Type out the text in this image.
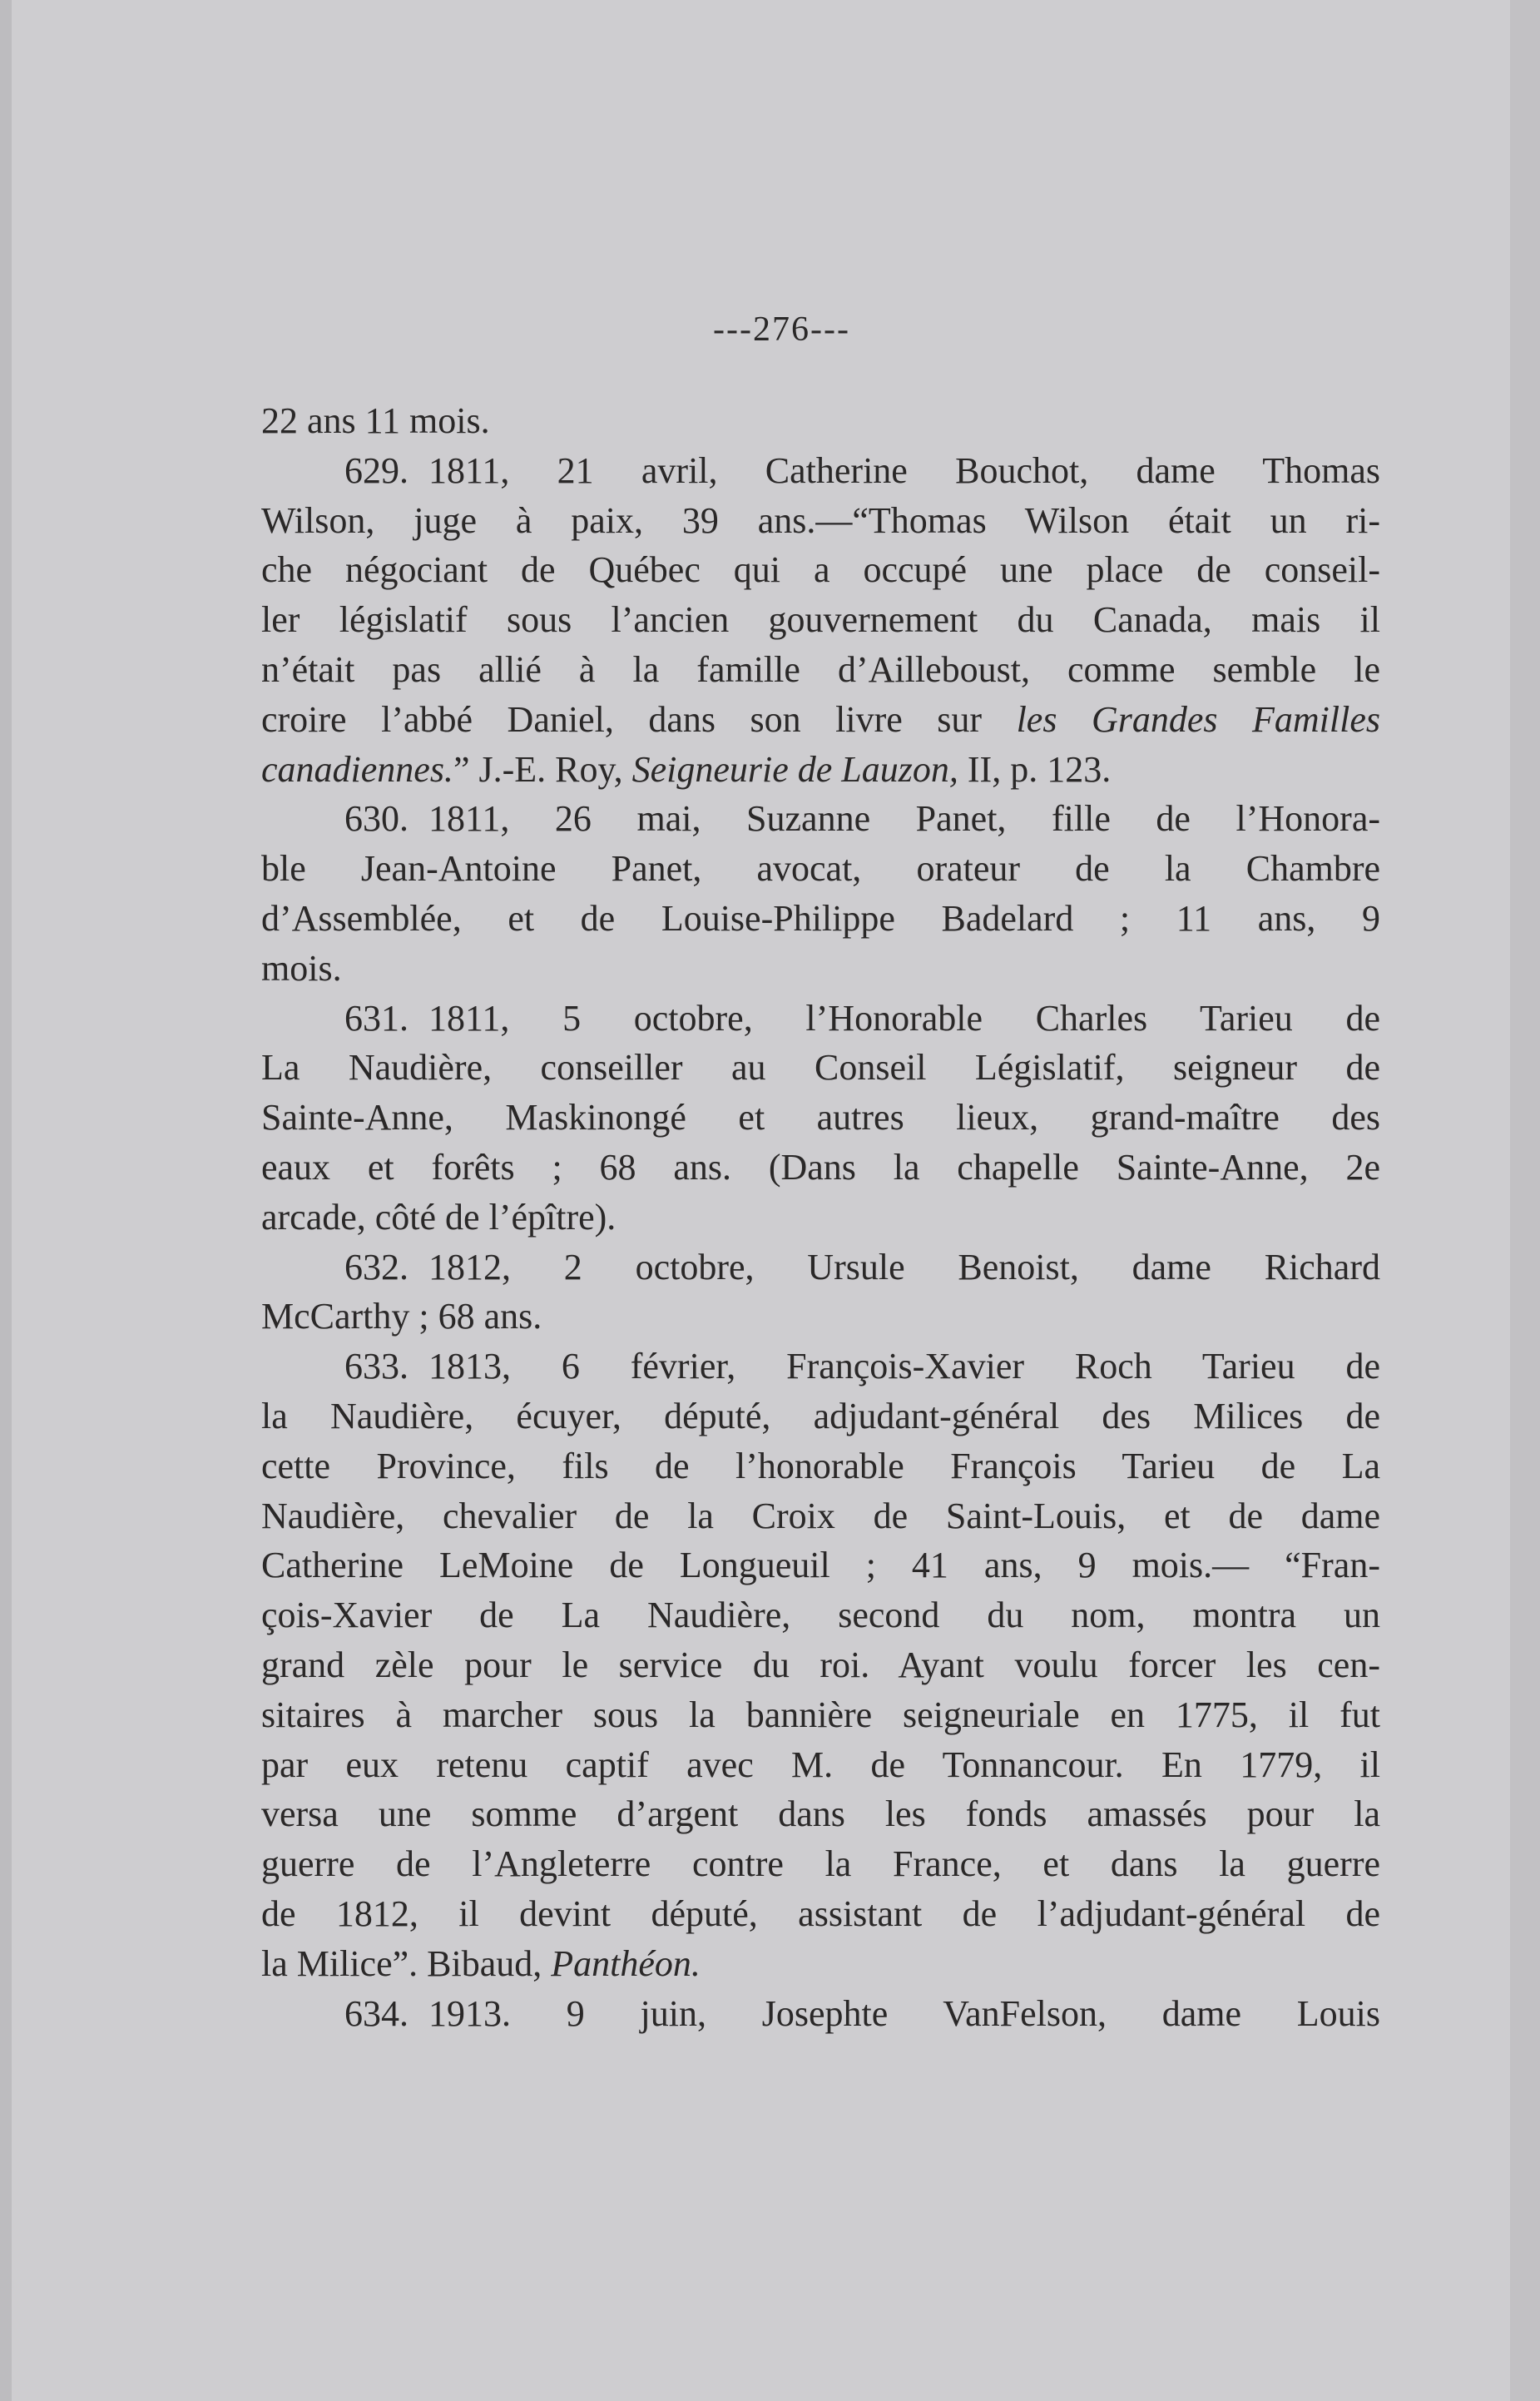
---276---
22 ans 11 mois.
629. 1811, 21 avril, Catherine Bouchot, dame Thomas
Wilson, juge à paix, 39 ans.—“Thomas Wilson était un ri-
che négociant de Québec qui a occupé une place de conseil-
ler législatif sous l’ancien gouvernement du Canada, mais il
n’était pas allié à la famille d’Ailleboust, comme semble le
croire l’abbé Daniel, dans son livre sur les Grandes Familles
canadiennes.” J.-E. Roy, Seigneurie de Lauzon, II, p. 123.
630. 1811, 26 mai, Suzanne Panet, fille de l’Honora-
ble Jean-Antoine Panet, avocat, orateur de la Chambre
d’Assemblée, et de Louise-Philippe Badelard ; 11 ans, 9
mois.
631. 1811, 5 octobre, l’Honorable Charles Tarieu de
La Naudière, conseiller au Conseil Législatif, seigneur de
Sainte-Anne, Maskinongé et autres lieux, grand-maître des
eaux et forêts ; 68 ans. (Dans la chapelle Sainte-Anne, 2e
arcade, côté de l’épître).
632. 1812, 2 octobre, Ursule Benoist, dame Richard
McCarthy ; 68 ans.
633. 1813, 6 février, François-Xavier Roch Tarieu de
la Naudière, écuyer, député, adjudant-général des Milices de
cette Province, fils de l’honorable François Tarieu de La
Naudière, chevalier de la Croix de Saint-Louis, et de dame
Catherine LeMoine de Longueuil ; 41 ans, 9 mois.— “Fran-
çois-Xavier de La Naudière, second du nom, montra un
grand zèle pour le service du roi. Ayant voulu forcer les cen-
sitaires à marcher sous la bannière seigneuriale en 1775, il fut
par eux retenu captif avec M. de Tonnancour. En 1779, il
versa une somme d’argent dans les fonds amassés pour la
guerre de l’Angleterre contre la France, et dans la guerre
de 1812, il devint député, assistant de l’adjudant-général de
la Milice”. Bibaud, Panthéon.
634. 1913. 9 juin, Josephte VanFelson, dame Louis
